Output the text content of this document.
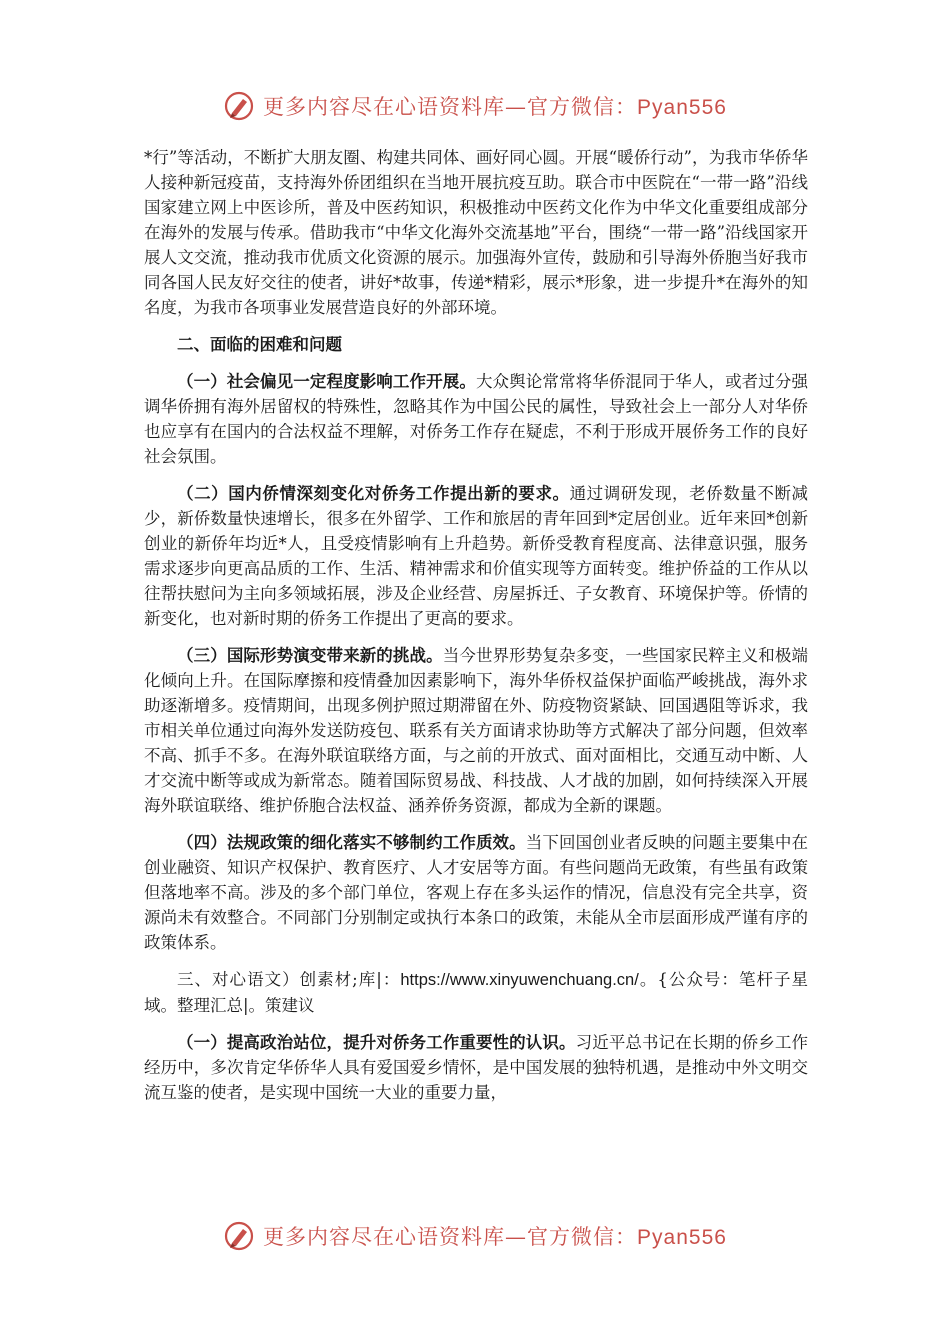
更多内容尽在心语资料库—官方微信：Pyan556

*行”等活动，不断扩大朋友圈、构建共同体、画好同心圆。开展“暖侨行动”，为我市华侨华人接种新冠疫苗，支持海外侨团组织在当地开展抗疫互助。联合市中医院在“一带一路”沿线国家建立网上中医诊所，普及中医药知识，积极推动中医药文化作为中华文化重要组成部分在海外的发展与传承。借助我市“中华文化海外交流基地”平台，围绕“一带一路”沿线国家开展人文交流，推动我市优质文化资源的展示。加强海外宣传，鼓励和引导海外侨胞当好我市同各国人民友好交往的使者，讲好*故事，传递*精彩，展示*形象，进一步提升*在海外的知名度，为我市各项事业发展营造良好的外部环境。

二、面临的困难和问题

（一）社会偏见一定程度影响工作开展。大众舆论常常将华侨混同于华人，或者过分强调华侨拥有海外居留权的特殊性，忽略其作为中国公民的属性，导致社会上一部分人对华侨也应享有在国内的合法权益不理解，对侨务工作存在疑虑，不利于形成开展侨务工作的良好社会氛围。

（二）国内侨情深刻变化对侨务工作提出新的要求。通过调研发现，老侨数量不断减少，新侨数量快速增长，很多在外留学、工作和旅居的青年回到*定居创业。近年来回*创新创业的新侨年均近*人，且受疫情影响有上升趋势。新侨受教育程度高、法律意识强，服务需求逐步向更高品质的工作、生活、精神需求和价值实现等方面转变。维护侨益的工作从以往帮扶慰问为主向多领域拓展，涉及企业经营、房屋拆迁、子女教育、环境保护等。侨情的新变化，也对新时期的侨务工作提出了更高的要求。

（三）国际形势演变带来新的挑战。当今世界形势复杂多变，一些国家民粹主义和极端化倾向上升。在国际摩擦和疫情叠加因素影响下，海外华侨权益保护面临严峻挑战，海外求助逐渐增多。疫情期间，出现多例护照过期滞留在外、防疫物资紧缺、回国遇阻等诉求，我市相关单位通过向海外发送防疫包、联系有关方面请求协助等方式解决了部分问题，但效率不高、抓手不多。在海外联谊联络方面，与之前的开放式、面对面相比，交通互动中断、人才交流中断等或成为新常态。随着国际贸易战、科技战、人才战的加剧，如何持续深入开展海外联谊联络、维护侨胞合法权益、涵养侨务资源，都成为全新的课题。

（四）法规政策的细化落实不够制约工作质效。当下回国创业者反映的问题主要集中在创业融资、知识产权保护、教育医疗、人才安居等方面。有些问题尚无政策，有些虽有政策但落地率不高。涉及的多个部门单位，客观上存在多头运作的情况，信息没有完全共享，资源尚未有效整合。不同部门分别制定或执行本条口的政策，未能从全市层面形成严谨有序的政策体系。

三、对心语文）创素材;库|：https://www.xinyuwenchuang.cn/。{公众号：笔杆子星域。整理汇总|。策建议

（一）提高政治站位，提升对侨务工作重要性的认识。习近平总书记在长期的侨乡工作经历中，多次肯定华侨华人具有爱国爱乡情怀，是中国发展的独特机遇，是推动中外文明交流互鉴的使者，是实现中国统一大业的重要力量，

更多内容尽在心语资料库—官方微信：Pyan556
